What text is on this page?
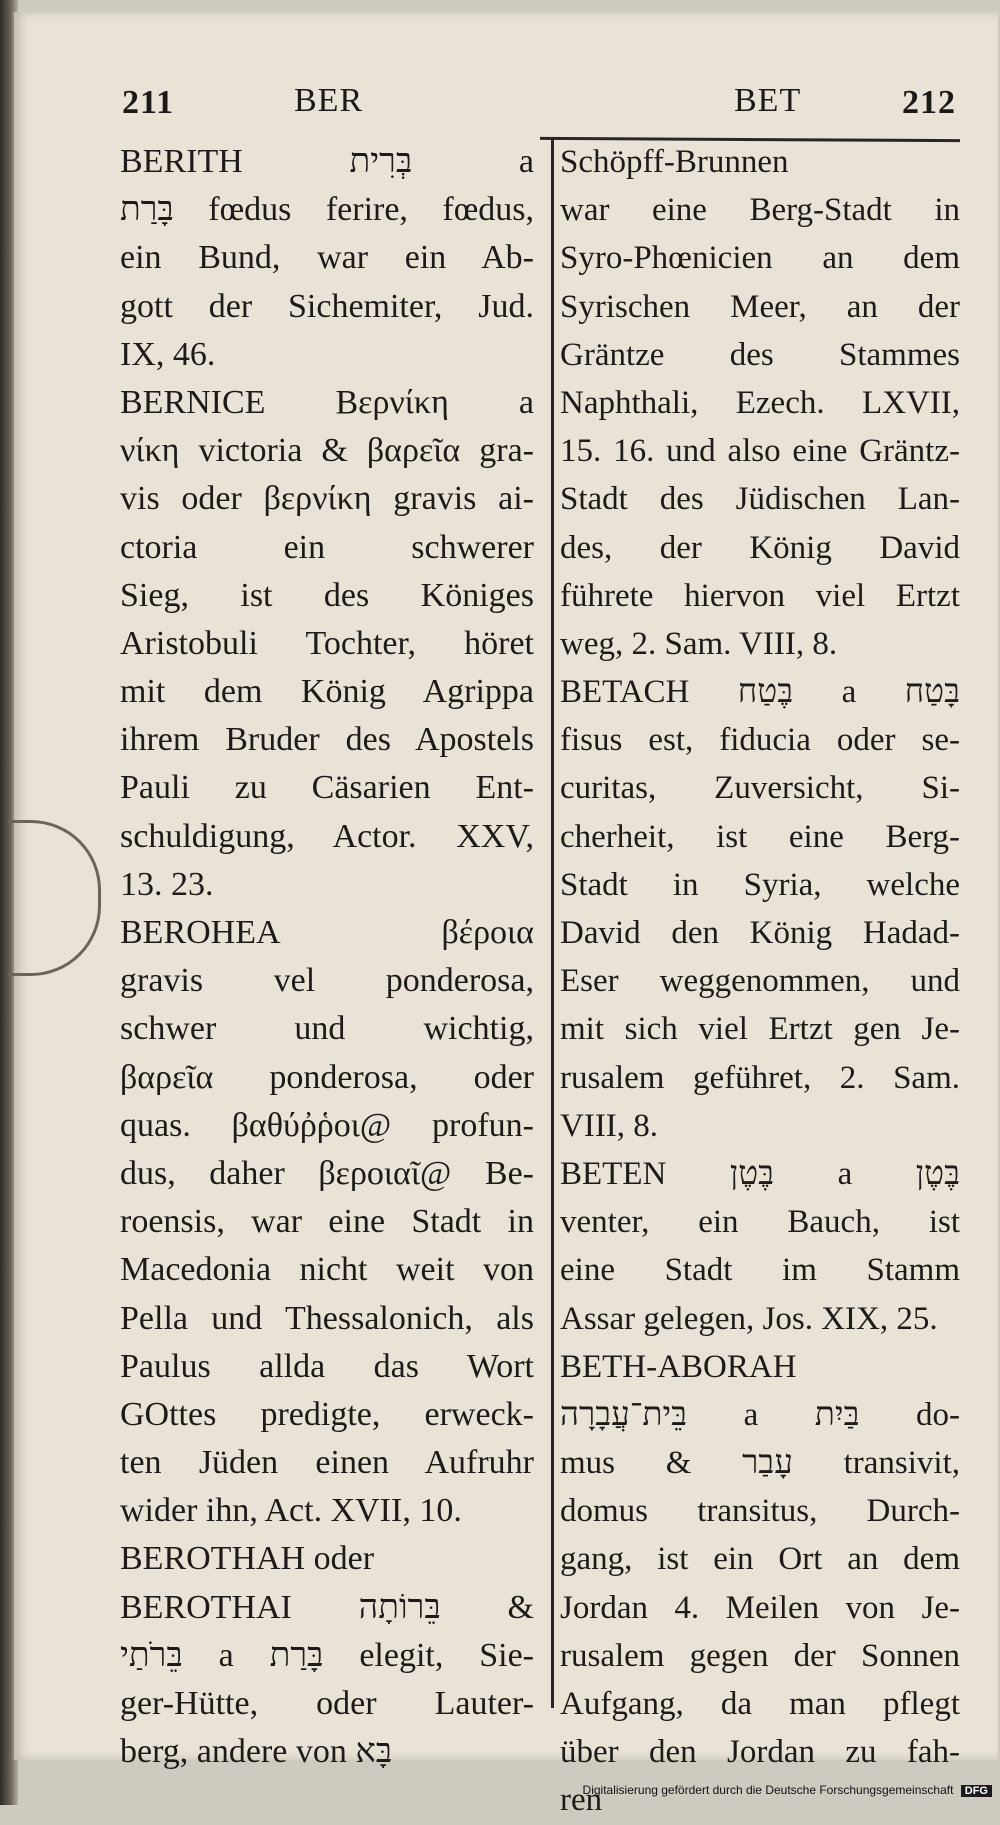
211	BER	BET	212
BERITH בְּרִית a
בָּרַת fœdus ferire, fœdus,
ein Bund, war ein Ab-
gott der Sichemiter, Jud.
IX, 46.
BERNICE Βερνίκη a
νίκη victoria & βαρεῖα gra-
vis oder βερνίκη gravis ai-
ctoria ein schwerer
Sieg, ist des Königes
Aristobuli Tochter, höret
mit dem König Agrippa
ihrem Bruder des Apostels
Pauli zu Cäsarien Ent-
schuldigung, Actor. XXV,
13. 23.
BEROHEA βέροια
gravis vel ponderosa,
schwer und wichtig,
βαρεῖα ponderosa, oder
quas. βαθύῤῥοι@ profun-
dus, daher βεροιαῖ@ Be-
roensis, war eine Stadt in
Macedonia nicht weit von
Pella und Thessalonich, als
Paulus allda das Wort
GOttes predigte, erweck-
ten Jüden einen Aufruhr
wider ihn, Act. XVII, 10.
BEROTHAH oder
BEROTHAI בֵּרוֹתָה &
בֵּרֹתַי a בָּרַת elegit, Sie-
ger-Hütte, oder Lauter-
berg, andere von בָּא
Schöpff-Brunnen
war eine Berg-Stadt in
Syro-Phœnicien an dem
Syrischen Meer, an der
Gräntze des Stammes
Naphthali, Ezech. LXVII,
15. 16. und also eine Gräntz-
Stadt des Jüdischen Lan-
des, der König David
führete hiervon viel Ertzt
weg, 2. Sam. VIII, 8.
BETACH בֶּטַח a בָּטַח
fisus est, fiducia oder se-
curitas, Zuversicht, Si-
cherheit, ist eine Berg-
Stadt in Syria, welche
David den König Hadad-
Eser weggenommen, und
mit sich viel Ertzt gen Je-
rusalem geführet, 2. Sam.
VIII, 8.
BETEN בֶּטֶן a בֶּטֶן
venter, ein Bauch, ist
eine Stadt im Stamm
Assar gelegen, Jos. XIX, 25.
BETH-ABORAH
בֵּית־עֲבָרָה a בַּיִת do-
mus & עָבַר transivit,
domus transitus, Durch-
gang, ist ein Ort an dem
Jordan 4. Meilen von Je-
rusalem gegen der Sonnen
Aufgang, da man pflegt
über den Jordan zu fah-
ren
Digitalisierung gefördert durch die Deutsche Forschungsgemeinschaft DFG
